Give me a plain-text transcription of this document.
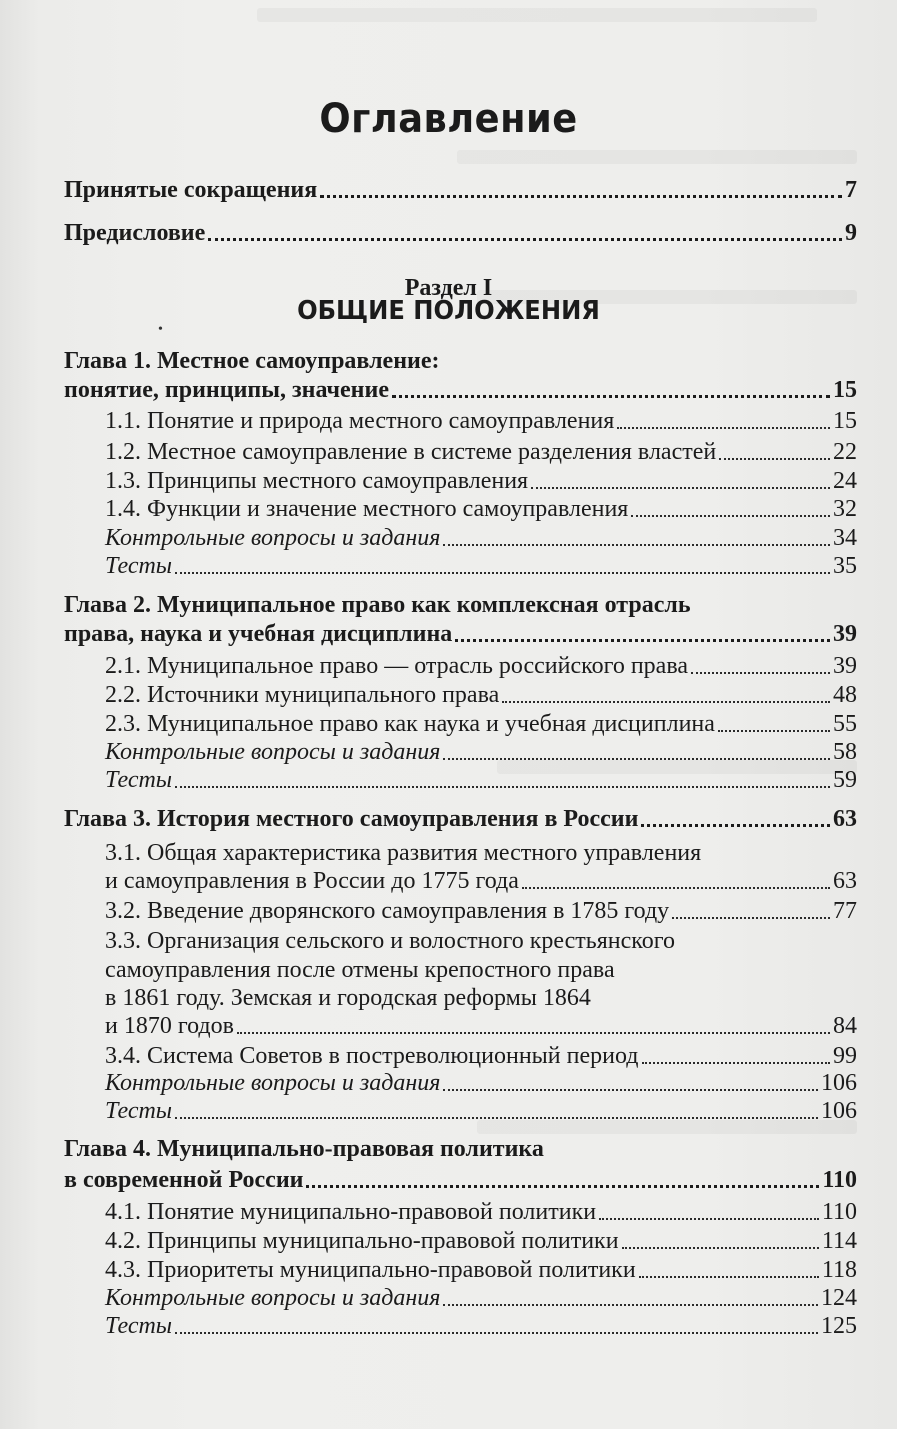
Оглавление
Принятые сокращения	7
Предисловие	9
Раздел I
ОБЩИЕ ПОЛОЖЕНИЯ
•
Глава 1. Местное самоуправление:
понятие, принципы, значение	15
1.1. Понятие и природа местного самоуправления	15
1.2. Местное самоуправление в системе разделения властей	22
1.3. Принципы местного самоуправления	24
1.4. Функции и значение местного самоуправления	32
Контрольные вопросы и задания	34
Тесты	35
Глава 2. Муниципальное право как комплексная отрасль
права, наука и учебная дисциплина	39
2.1. Муниципальное право — отрасль российского права	39
2.2. Источники муниципального права	48
2.3. Муниципальное право как наука и учебная дисциплина	55
Контрольные вопросы и задания	58
Тесты	59
Глава 3. История местного самоуправления в России	63
3.1. Общая характеристика развития местного управления
и самоуправления в России до 1775 года	63
3.2. Введение дворянского самоуправления в 1785 году	77
3.3. Организация сельского и волостного крестьянского
самоуправления после отмены крепостного права
в 1861 году. Земская и городская реформы 1864
и 1870 годов	84
3.4. Система Советов в постреволюционный период	99
Контрольные вопросы и задания	106
Тесты	106
Глава 4. Муниципально-правовая политика
в современной России	110
4.1. Понятие муниципально-правовой политики	110
4.2. Принципы муниципально-правовой политики	114
4.3. Приоритеты муниципально-правовой политики	118
Контрольные вопросы и задания	124
Тесты	125
